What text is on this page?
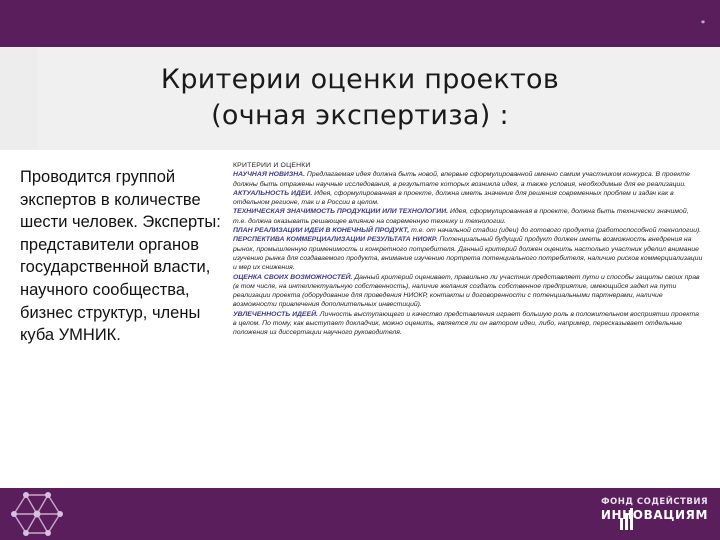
*
Критерии оценки проектов
(очная экспертиза) :

Проводится группой экспертов в количестве шести человек. Эксперты: представители органов государственной власти, научного сообщества, бизнес структур, члены куба УМНИК.

КРИТЕРИИ И ОЦЕНКИ
НАУЧНАЯ НОВИЗНА. Предлагаемая идея должна быть новой, впервые сформулированной именно самим участником конкурса. В проекте должны быть отражены научные исследования, в результате которых возникла идея, а также условия, необходимые для ее реализации.
АКТУАЛЬНОСТЬ ИДЕИ. Идея, сформулированная в проекте, должна иметь значение для решения современных проблем и задач как в отдельном регионе, так и в России в целом.
ТЕХНИЧЕСКАЯ ЗНАЧИМОСТЬ ПРОДУКЦИИ ИЛИ ТЕХНОЛОГИИ. Идея, сформулированная в проекте, должна быть технически значимой, т.е. должна оказывать решающее влияние на современную технику и технологии.
ПЛАН РЕАЛИЗАЦИИ ИДЕИ В КОНЕЧНЫЙ ПРОДУКТ, т.е. от начальной стадии (идеи) до готового продукта (работоспособной технологии).
ПЕРСПЕКТИВА КОММЕРЦИАЛИЗАЦИИ РЕЗУЛЬТАТА НИОКР. Потенциальный будущий продукт должен иметь возможность внедрения на рынок, промышленную применимость и конкретного потребителя. Данный критерий должен оценить настолько участник уделил внимание изучению рынка для создаваемого продукта, внимание изучению портрета потенциального потребителя, наличию рисков коммерциализации и мер их снижения.
ОЦЕНКА СВОИХ ВОЗМОЖНОСТЕЙ. Данный критерий оценивает, правильно ли участник представляет пути и способы защиты своих прав (в том числе, на интеллектуальную собственность), наличие желания создать собственное предприятие, имеющийся задел на пути реализации проекта (оборудование для проведения НИОКР, контакты и договоренности с потенциальными партнерами, наличие возможности привлечения дополнительных инвестиций).
УВЛЕЧЕННОСТЬ ИДЕЕЙ. Личность выступающего и качество представления играет большую роль в положительном восприятии проекта в целом. По тому, как выступает докладчик, можно оценить, является ли он автором идеи, либо, например, пересказывает отдельные положения из диссертации научного руководителя.
ФОНД СОДЕЙСТВИЯ
ИННОВАЦИЯМ
